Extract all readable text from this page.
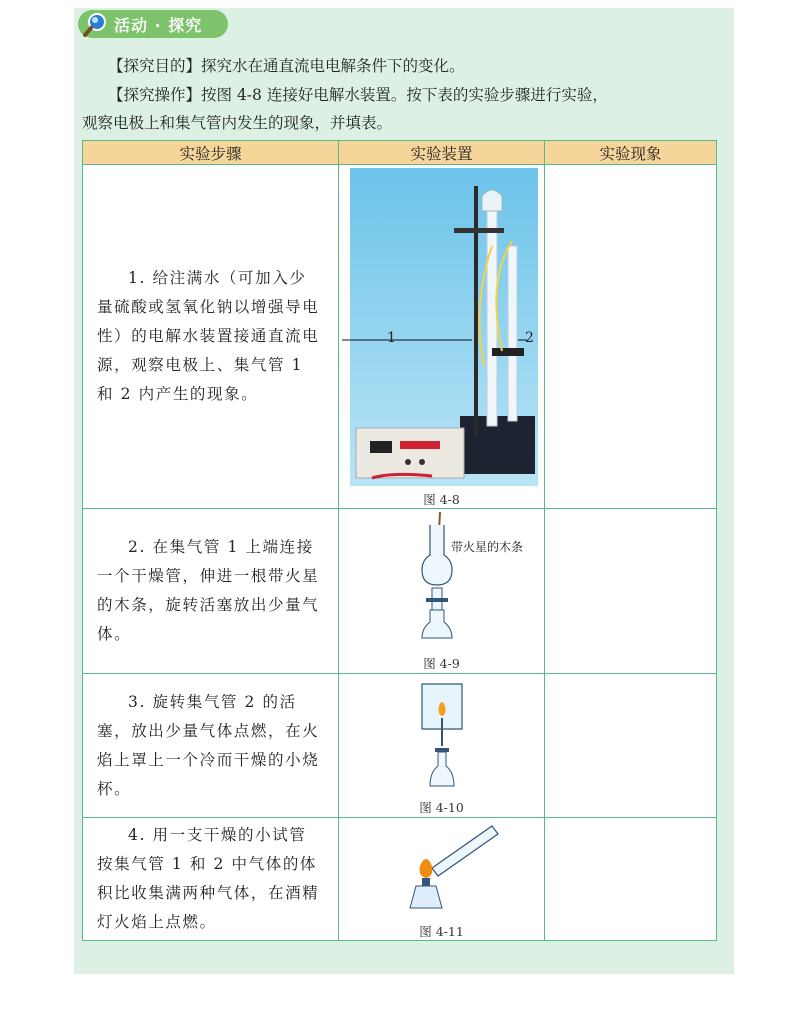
活动 · 探究
【探究目的】探究水在通直流电电解条件下的变化。
【探究操作】按图 4-8 连接好电解水装置。按下表的实验步骤进行实验，
观察电极上和集气管内发生的现象，并填表。
实验步骤	实验装置	实验现象

1. 给注满水（可加入少量硫酸或氢氧化钠以增强导电性）的电解水装置接通直流电源，观察电极上、集气管 1 和 2 内产生的现象。	1 2
图 4-8	

2. 在集气管 1 上端连接一个干燥管，伸进一根带火星的木条，旋转活塞放出少量气体。	带火星的木条
图 4-9	

3. 旋转集气管 2 的活塞，放出少量气体点燃，在火焰上罩上一个冷而干燥的小烧杯。	图 4-10	

4. 用一支干燥的小试管按集气管 1 和 2 中气体的体积比收集满两种气体，在酒精灯火焰上点燃。	图 4-11	
